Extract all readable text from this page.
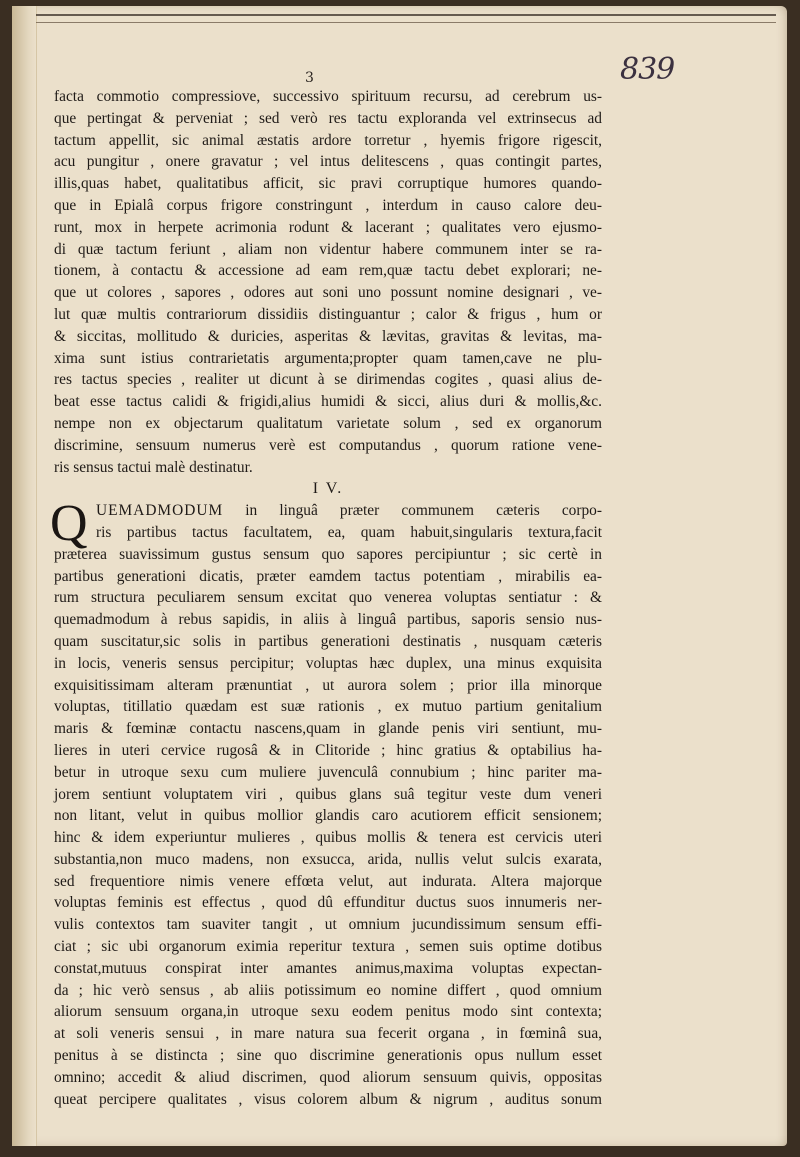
839
3
facta commotio compressiove, successivo spirituum recursu, ad cerebrum us-
que pertingat & perveniat ; sed verò res tactu exploranda vel extrinsecus ad
tactum appellit, sic animal æstatis ardore torretur , hyemis frigore rigescit,
acu pungitur , onere gravatur ; vel intus delitescens , quas contingit partes,
illis,quas habet, qualitatibus afficit, sic pravi corruptique humores quando-
que in Epialâ corpus frigore constringunt , interdum in causo calore deu-
runt, mox in herpete acrimonia rodunt & lacerant ; qualitates vero ejusmo-
di quæ tactum feriunt , aliam non videntur habere communem inter se ra-
tionem, à contactu & accessione ad eam rem,quæ tactu debet explorari; ne-
que ut colores , sapores , odores aut soni uno possunt nomine designari , ve-
lut quæ multis contrariorum dissidiis distinguantur ; calor & frigus , hum or
& siccitas, mollitudo & duricies, asperitas & lævitas, gravitas & levitas, ma-
xima sunt istius contrarietatis argumenta;propter quam tamen,cave ne plu-
res tactus species , realiter ut dicunt à se dirimendas cogites , quasi alius de-
beat esse tactus calidi & frigidi,alius humidi & sicci, alius duri & mollis,&c.
nempe non ex objectarum qualitatum varietate solum , sed ex organorum
discrimine, sensuum numerus verè est computandus , quorum ratione vene-
ris sensus tactui malè destinatur.
I V.
Q UEMADMODUM in linguâ præter communem cæteris corpo-
ris partibus tactus facultatem, ea, quam habuit,singularis textura,facit
præterea suavissimum gustus sensum quo sapores percipiuntur ; sic certè in
partibus generationi dicatis, præter eamdem tactus potentiam , mirabilis ea-
rum structura peculiarem sensum excitat quo venerea voluptas sentiatur : &
quemadmodum à rebus sapidis, in aliis à linguâ partibus, saporis sensio nus-
quam suscitatur,sic solis in partibus generationi destinatis , nusquam cæteris
in locis, veneris sensus percipitur; voluptas hæc duplex, una minus exquisita
exquisitissimam alteram prænuntiat , ut aurora solem ; prior illa minorque
voluptas, titillatio quædam est suæ rationis , ex mutuo partium genitalium
maris & fœminæ contactu nascens,quam in glande penis viri sentiunt, mu-
lieres in uteri cervice rugosâ & in Clitoride ; hinc gratius & optabilius ha-
betur in utroque sexu cum muliere juvenculâ connubium ; hinc pariter ma-
jorem sentiunt voluptatem viri , quibus glans suâ tegitur veste dum veneri
non litant, velut in quibus mollior glandis caro acutiorem efficit sensionem;
hinc & idem experiuntur mulieres , quibus mollis & tenera est cervicis uteri
substantia,non muco madens, non exsucca, arida, nullis velut sulcis exarata,
sed frequentiore nimis venere effœta velut, aut indurata. Altera majorque
voluptas feminis est effectus , quod dû effunditur ductus suos innumeris ner-
vulis contextos tam suaviter tangit , ut omnium jucundissimum sensum effi-
ciat ; sic ubi organorum eximia reperitur textura , semen suis optime dotibus
constat,mutuus conspirat inter amantes animus,maxima voluptas expectan-
da ; hic verò sensus , ab aliis potissimum eo nomine differt , quod omnium
aliorum sensuum organa,in utroque sexu eodem penitus modo sint contexta;
at soli veneris sensui , in mare natura sua fecerit organa , in fœminâ sua,
penitus à se distincta ; sine quo discrimine generationis opus nullum esset
omnino; accedit & aliud discrimen, quod aliorum sensuum quivis, oppositas
queat percipere qualitates , visus colorem album & nigrum , auditus sonum
